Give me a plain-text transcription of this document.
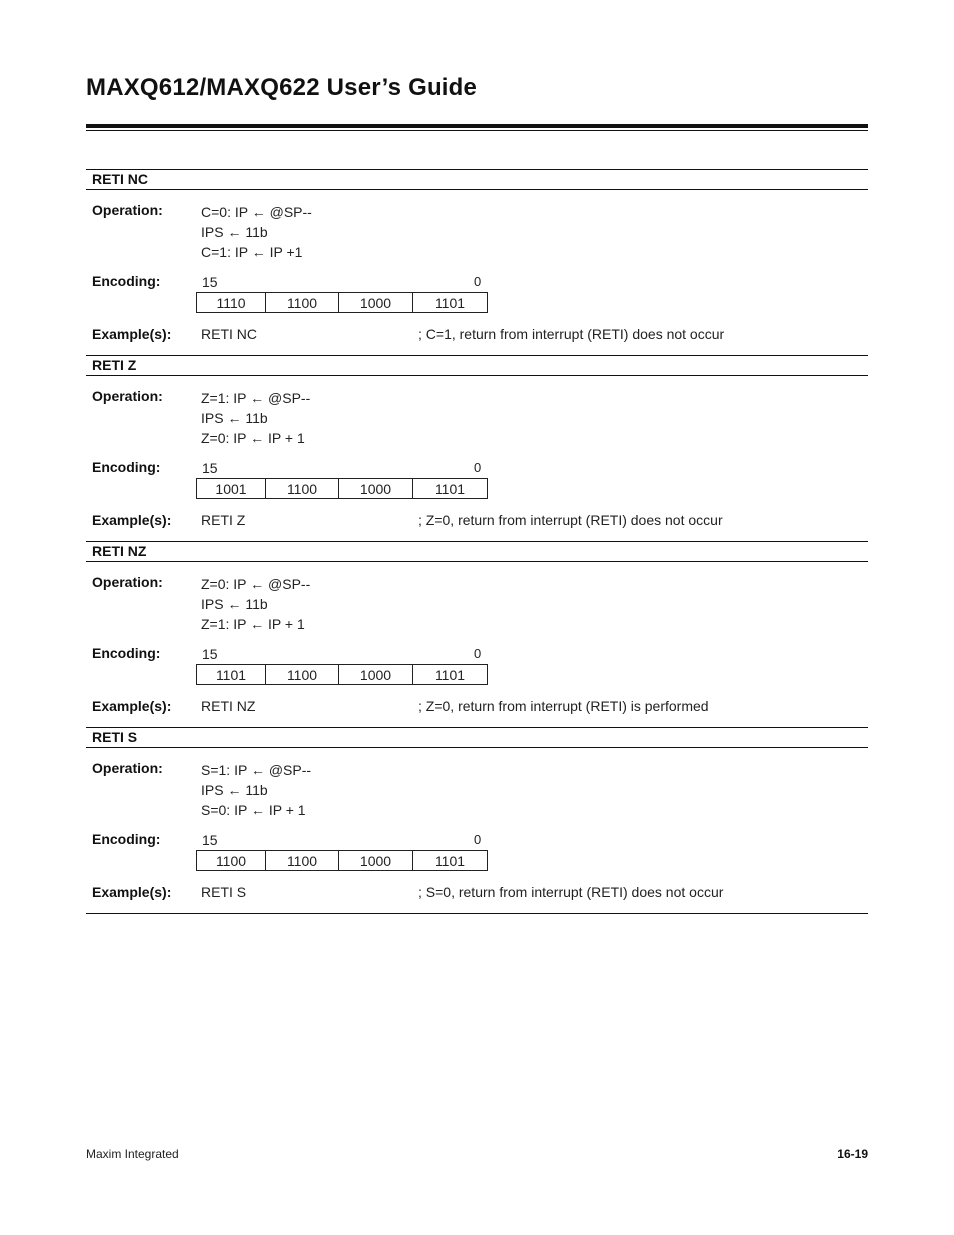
MAXQ612/MAXQ622 User’s Guide
RETI NC
Operation:	C=0: IP ← @SP--
IPS ← 11b
C=1: IP ← IP +1
Encoding:	15	0
1110	1100	1000	1101
Example(s): RETI NC	; C=1, return from interrupt (RETI) does not occur
RETI Z
Operation:	Z=1: IP ← @SP--
IPS ← 11b
Z=0: IP ← IP + 1
Encoding:	15	0
1001	1100	1000	1101
Example(s): RETI Z	; Z=0, return from interrupt (RETI) does not occur
RETI NZ
Operation:	Z=0: IP ← @SP--
IPS ← 11b
Z=1: IP ← IP + 1
Encoding:	15	0
1101	1100	1000	1101
Example(s): RETI NZ	; Z=0, return from interrupt (RETI) is performed
RETI S
Operation:	S=1: IP ← @SP--
IPS ← 11b
S=0: IP ← IP + 1
Encoding:	15	0
1100	1100	1000	1101
Example(s): RETI S	; S=0, return from interrupt (RETI) does not occur
Maxim Integrated	16-19
